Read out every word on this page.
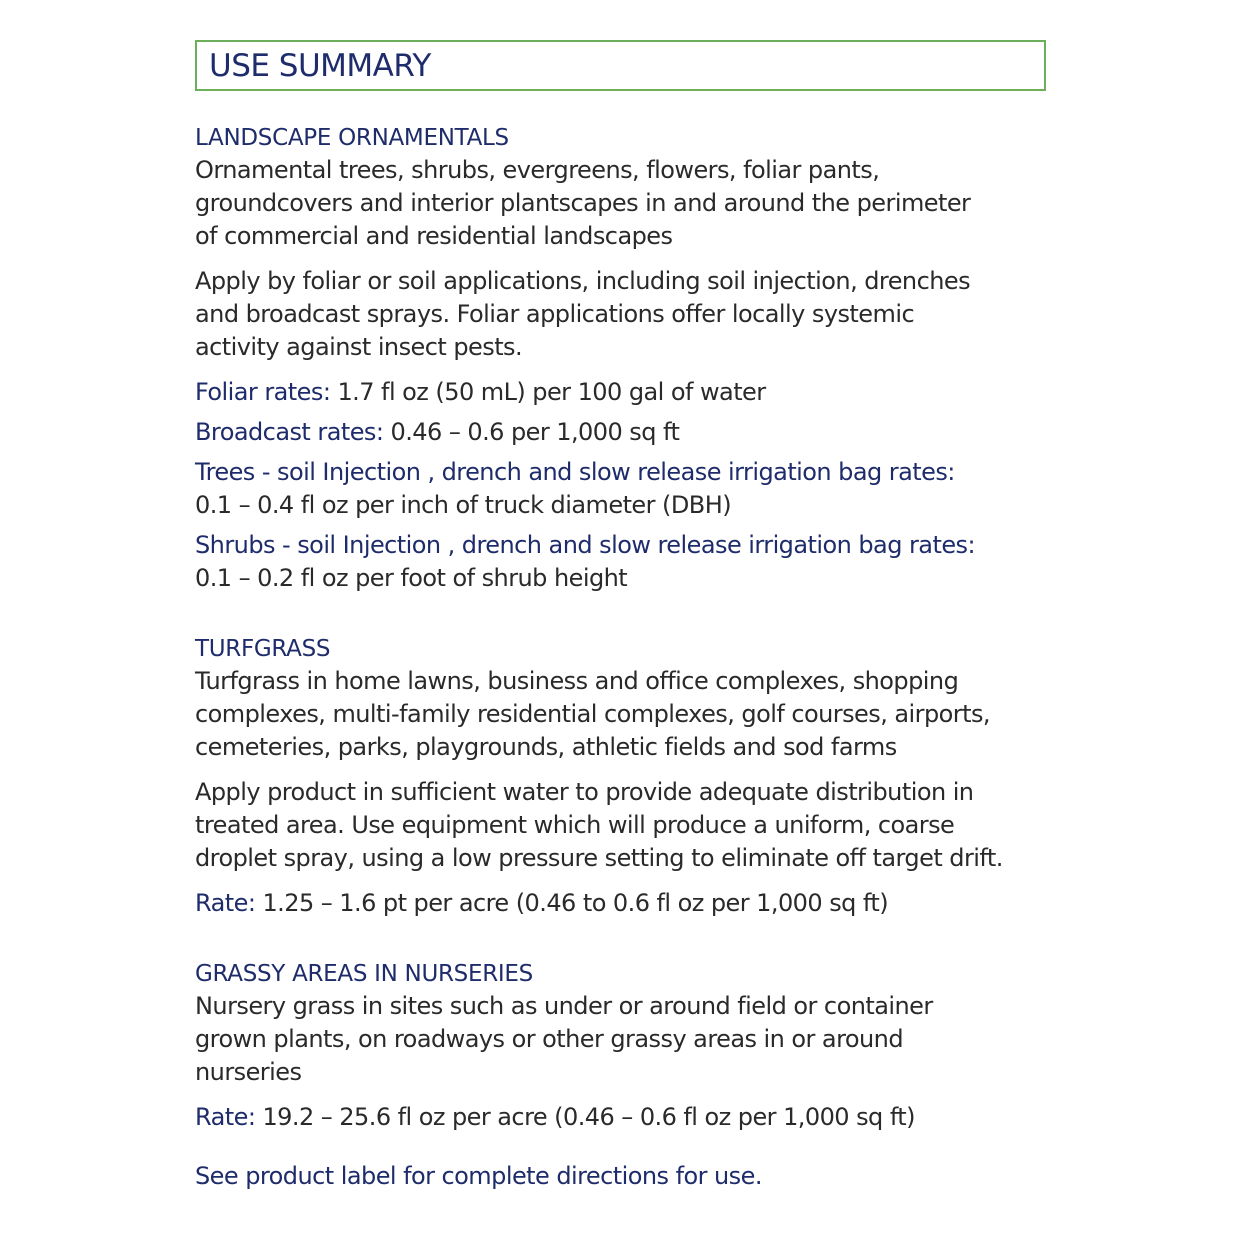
USE SUMMARY
LANDSCAPE ORNAMENTALS
Ornamental trees, shrubs, evergreens, flowers, foliar pants,
groundcovers and interior plantscapes in and around the perimeter
of commercial and residential landscapes
Apply by foliar or soil applications, including soil injection, drenches
and broadcast sprays. Foliar applications offer locally systemic
activity against insect pests.
Foliar rates: 1.7 fl oz (50 mL) per 100 gal of water
Broadcast rates: 0.46 – 0.6 per 1,000 sq ft
Trees - soil Injection , drench and slow release irrigation bag rates:
0.1 – 0.4 fl oz per inch of truck diameter (DBH)
Shrubs - soil Injection , drench and slow release irrigation bag rates:
0.1 – 0.2 fl oz per foot of shrub height
TURFGRASS
Turfgrass in home lawns, business and office complexes, shopping
complexes, multi-family residential complexes, golf courses, airports,
cemeteries, parks, playgrounds, athletic fields and sod farms
Apply product in sufficient water to provide adequate distribution in
treated area. Use equipment which will produce a uniform, coarse
droplet spray, using a low pressure setting to eliminate off target drift.
Rate: 1.25 – 1.6 pt per acre (0.46 to 0.6 fl oz per 1,000 sq ft)
GRASSY AREAS IN NURSERIES
Nursery grass in sites such as under or around field or container
grown plants, on roadways or other grassy areas in or around
nurseries
Rate: 19.2 – 25.6 fl oz per acre (0.46 – 0.6 fl oz per 1,000 sq ft)
See product label for complete directions for use.
